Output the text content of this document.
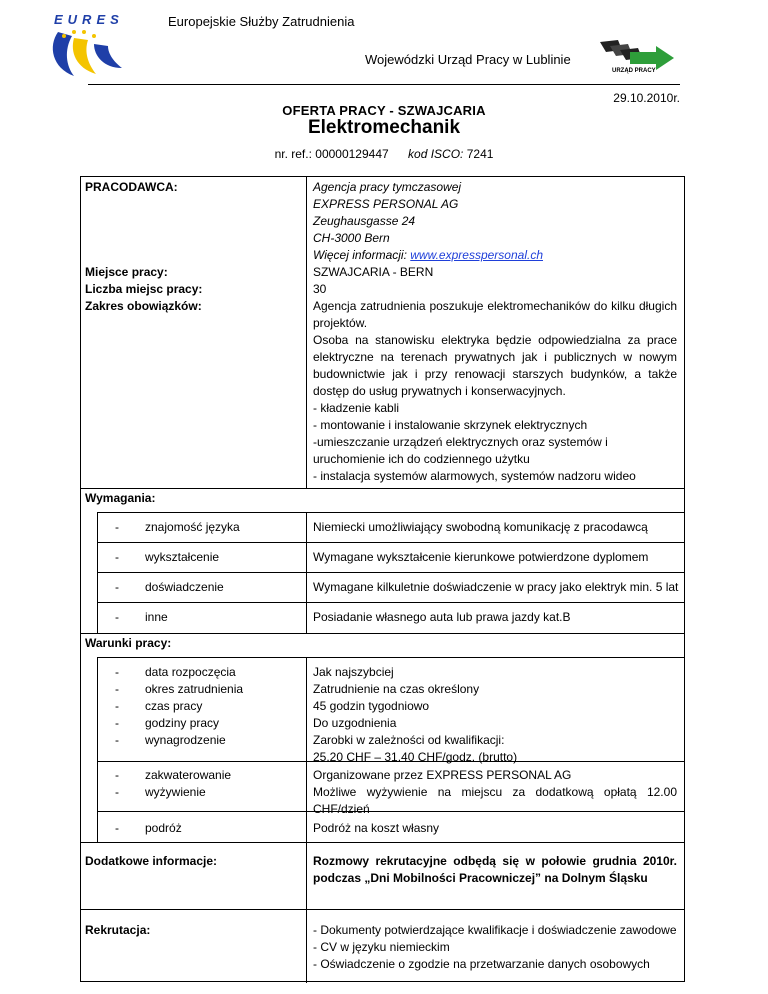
EURES	Europejskie Służby Zatrudnienia
Wojewódzki Urząd Pracy w Lublinie
URZĄD PRACY
29.10.2010r.
OFERTA PRACY - SZWAJCARIA
Elektromechanik
nr. ref.: 00000129447 kod ISCO: 7241
PRACODAWCA:	Agencja pracy tymczasowej
EXPRESS PERSONAL AG
Zeughausgasse 24
CH-3000 Bern
Więcej informacji: www.expresspersonal.ch
Miejsce pracy:	SZWAJCARIA - BERN
Liczba miejsc pracy:	30
Zakres obowiązków:	Agencja zatrudnienia poszukuje elektromechaników do kilku długich projektów.
Osoba na stanowisku elektryka będzie odpowiedzialna za prace elektryczne na terenach prywatnych jak i publicznych w nowym budownictwie jak i przy renowacji starszych budynków, a także dostęp do usług prywatnych i konserwacyjnych.
- kładzenie kabli
- montowanie i instalowanie skrzynek elektrycznych
-umieszczanie urządzeń elektrycznych oraz systemów i uruchomienie ich do codziennego użytku
- instalacja systemów alarmowych, systemów nadzoru wideo
Wymagania:
- znajomość języka	Niemiecki umożliwiający swobodną komunikację z pracodawcą
- wykształcenie	Wymagane wykształcenie kierunkowe potwierdzone dyplomem
- doświadczenie	Wymagane kilkuletnie doświadczenie w pracy jako elektryk min. 5 lat
- inne	Posiadanie własnego auta lub prawa jazdy kat.B
Warunki pracy:
- data rozpoczęcia	Jak najszybciej
- okres zatrudnienia	Zatrudnienie na czas określony
- czas pracy	45 godzin tygodniowo
- godziny pracy	Do uzgodnienia
- wynagrodzenie	Zarobki w zależności od kwalifikacji:
25.20 CHF – 31.40 CHF/godz. (brutto)
- zakwaterowanie	Organizowane przez EXPRESS PERSONAL AG
- wyżywienie	Możliwe wyżywienie na miejscu za dodatkową opłatą 12.00 CHF/dzień
- podróż	Podróż na koszt własny
Dodatkowe informacje:	Rozmowy rekrutacyjne odbędą się w połowie grudnia 2010r. podczas „Dni Mobilności Pracowniczej” na Dolnym Śląsku
Rekrutacja:	- Dokumenty potwierdzające kwalifikacje i doświadczenie zawodowe
- CV w języku niemieckim
- Oświadczenie o zgodzie na przetwarzanie danych osobowych
